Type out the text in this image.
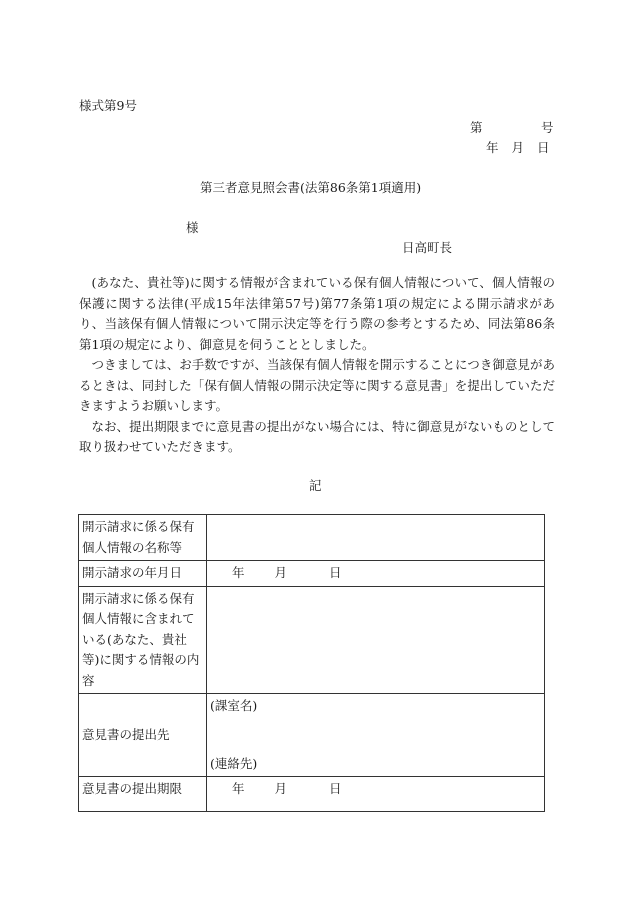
様式第9号
第	号
年 月 日
第三者意見照会書(法第86条第1項適用)
様
日高町長

(あなた、貴社等)に関する情報が含まれている保有個人情報について、個人情報の保護に関する法律(平成15年法律第57号)第77条第1項の規定による開示請求があり、当該保有個人情報について開示決定等を行う際の参考とするため、同法第86条第1項の規定により、御意見を伺うこととしました。

つきましては、お手数ですが、当該保有個人情報を開示することにつき御意見があるときは、同封した「保有個人情報の開示決定等に関する意見書」を提出していただきますようお願いします。

なお、提出期限までに意見書の提出がない場合には、特に御意見がないものとして取り扱わせていただきます。

記
開示請求に係る保有個人情報の名称等	
開示請求の年月日	年 月 日
開示請求に係る保有個人情報に含まれている(あなた、貴社等)に関する情報の内容	
意見書の提出先	(課室名)
(連絡先)

意見書の提出期限	年 月 日
